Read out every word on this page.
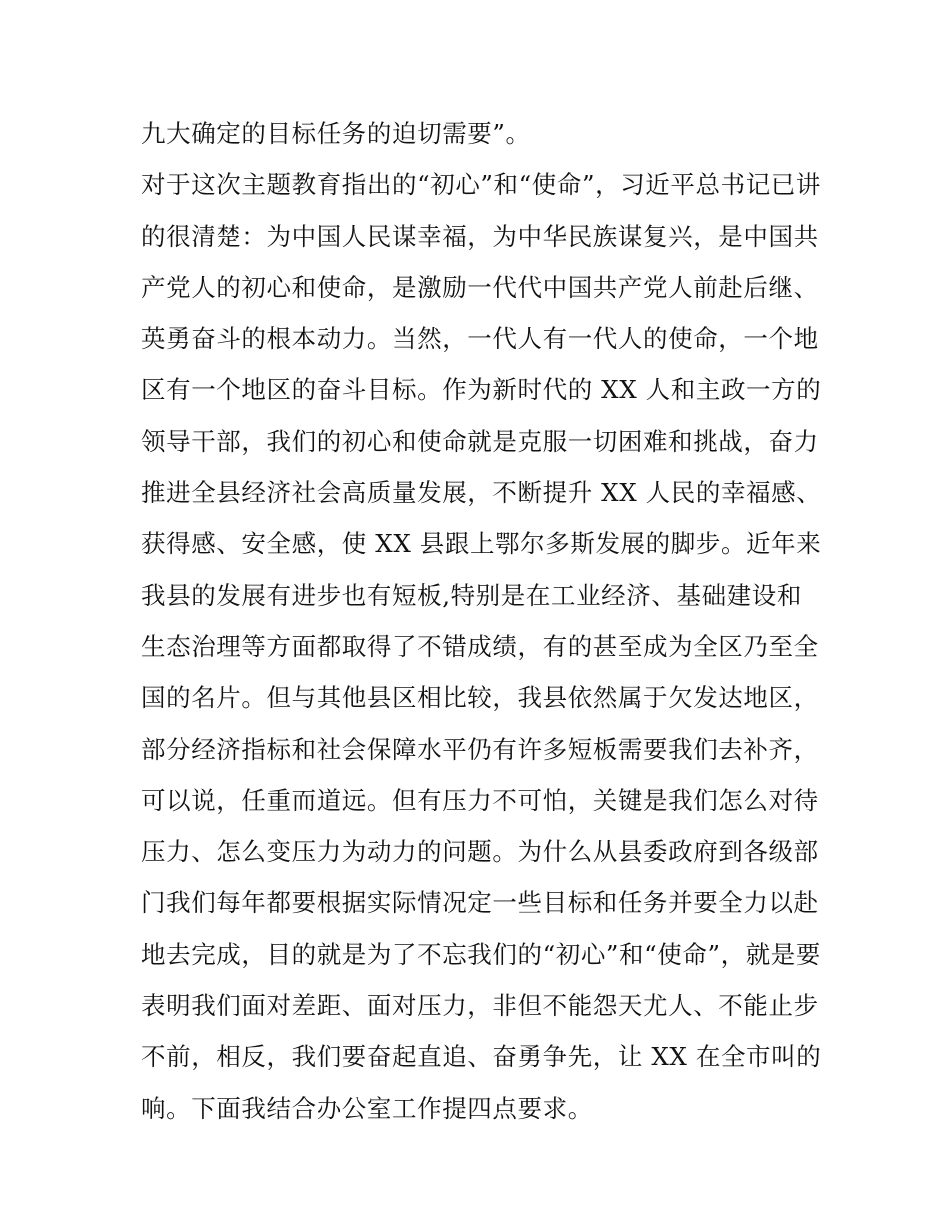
九大确定的目标任务的迫切需要”。
对于这次主题教育指出的“初心”和“使命”，习近平总书记已讲
的很清楚：为中国人民谋幸福，为中华民族谋复兴，是中国共
产党人的初心和使命，是激励一代代中国共产党人前赴后继、
英勇奋斗的根本动力。当然，一代人有一代人的使命，一个地
区有一个地区的奋斗目标。作为新时代的 XX 人和主政一方的
领导干部，我们的初心和使命就是克服一切困难和挑战，奋力
推进全县经济社会高质量发展，不断提升 XX 人民的幸福感、
获得感、安全感，使 XX 县跟上鄂尔多斯发展的脚步。近年来
我县的发展有进步也有短板,特别是在工业经济、基础建设和
生态治理等方面都取得了不错成绩，有的甚至成为全区乃至全
国的名片。但与其他县区相比较，我县依然属于欠发达地区，
部分经济指标和社会保障水平仍有许多短板需要我们去补齐，
可以说，任重而道远。但有压力不可怕，关键是我们怎么对待
压力、怎么变压力为动力的问题。为什么从县委政府到各级部
门我们每年都要根据实际情况定一些目标和任务并要全力以赴
地去完成，目的就是为了不忘我们的“初心”和“使命”，就是要
表明我们面对差距、面对压力，非但不能怨天尤人、不能止步
不前，相反，我们要奋起直追、奋勇争先，让 XX 在全市叫的
响。下面我结合办公室工作提四点要求。
